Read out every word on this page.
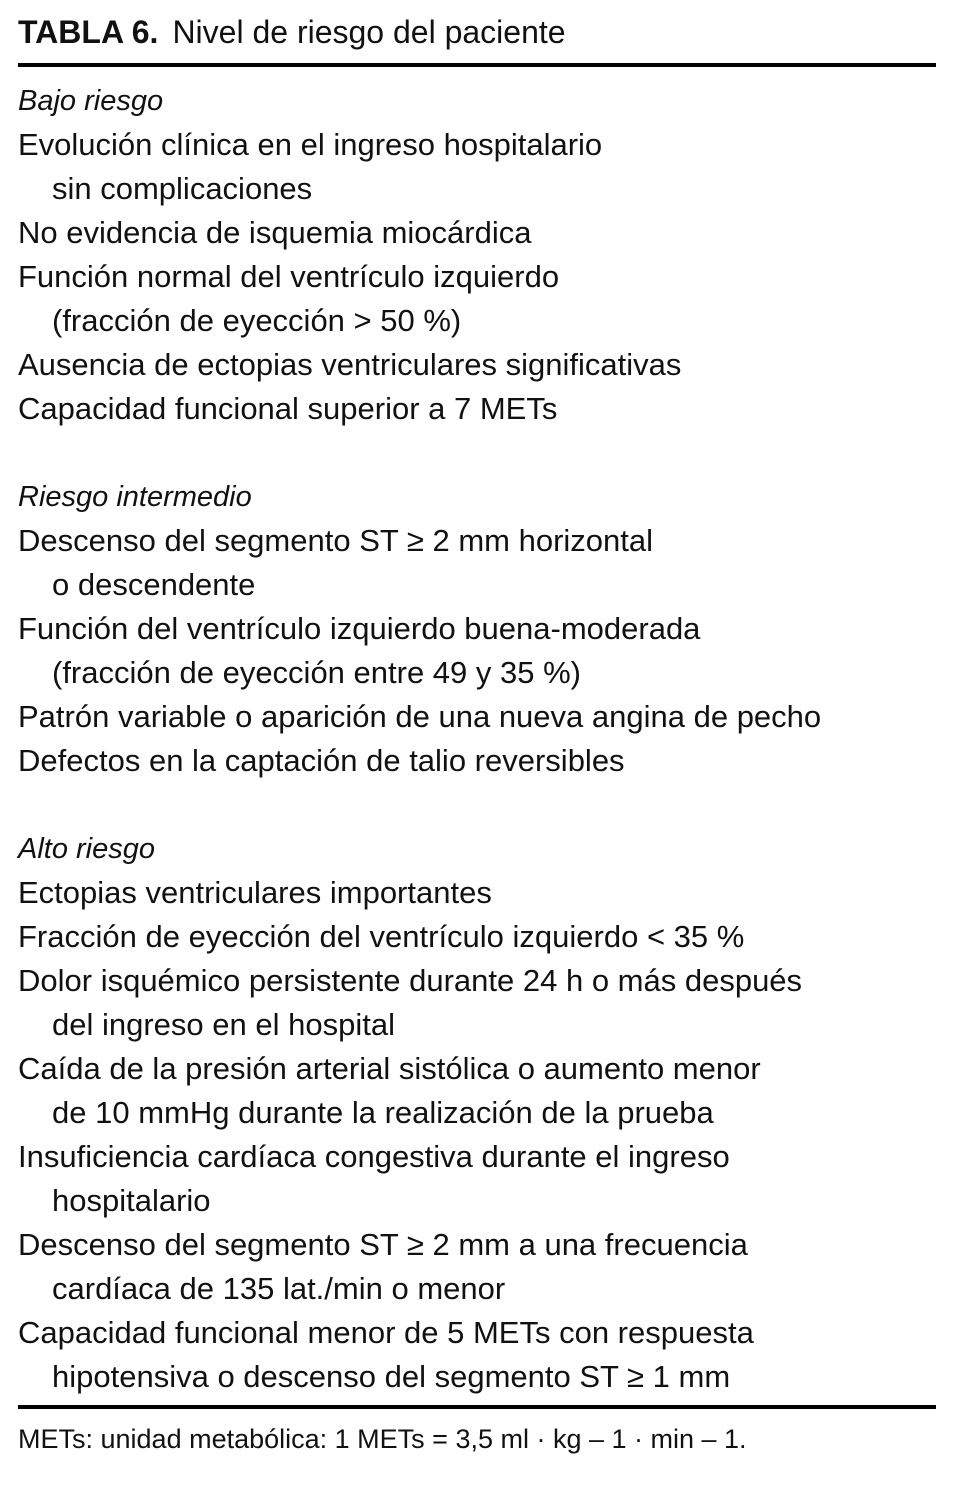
TABLA 6. Nivel de riesgo del paciente
Bajo riesgo
Evolución clínica en el ingreso hospitalario
sin complicaciones
No evidencia de isquemia miocárdica
Función normal del ventrículo izquierdo
(fracción de eyección > 50 %)
Ausencia de ectopias ventriculares significativas
Capacidad funcional superior a 7 METs
Riesgo intermedio
Descenso del segmento ST ≥ 2 mm horizontal
o descendente
Función del ventrículo izquierdo buena-moderada
(fracción de eyección entre 49 y 35 %)
Patrón variable o aparición de una nueva angina de pecho
Defectos en la captación de talio reversibles
Alto riesgo
Ectopias ventriculares importantes
Fracción de eyección del ventrículo izquierdo < 35 %
Dolor isquémico persistente durante 24 h o más después
del ingreso en el hospital
Caída de la presión arterial sistólica o aumento menor
de 10 mmHg durante la realización de la prueba
Insuficiencia cardíaca congestiva durante el ingreso
hospitalario
Descenso del segmento ST ≥ 2 mm a una frecuencia
cardíaca de 135 lat./min o menor
Capacidad funcional menor de 5 METs con respuesta
hipotensiva o descenso del segmento ST ≥ 1 mm
METs: unidad metabólica: 1 METs = 3,5 ml · kg – 1 · min – 1.
